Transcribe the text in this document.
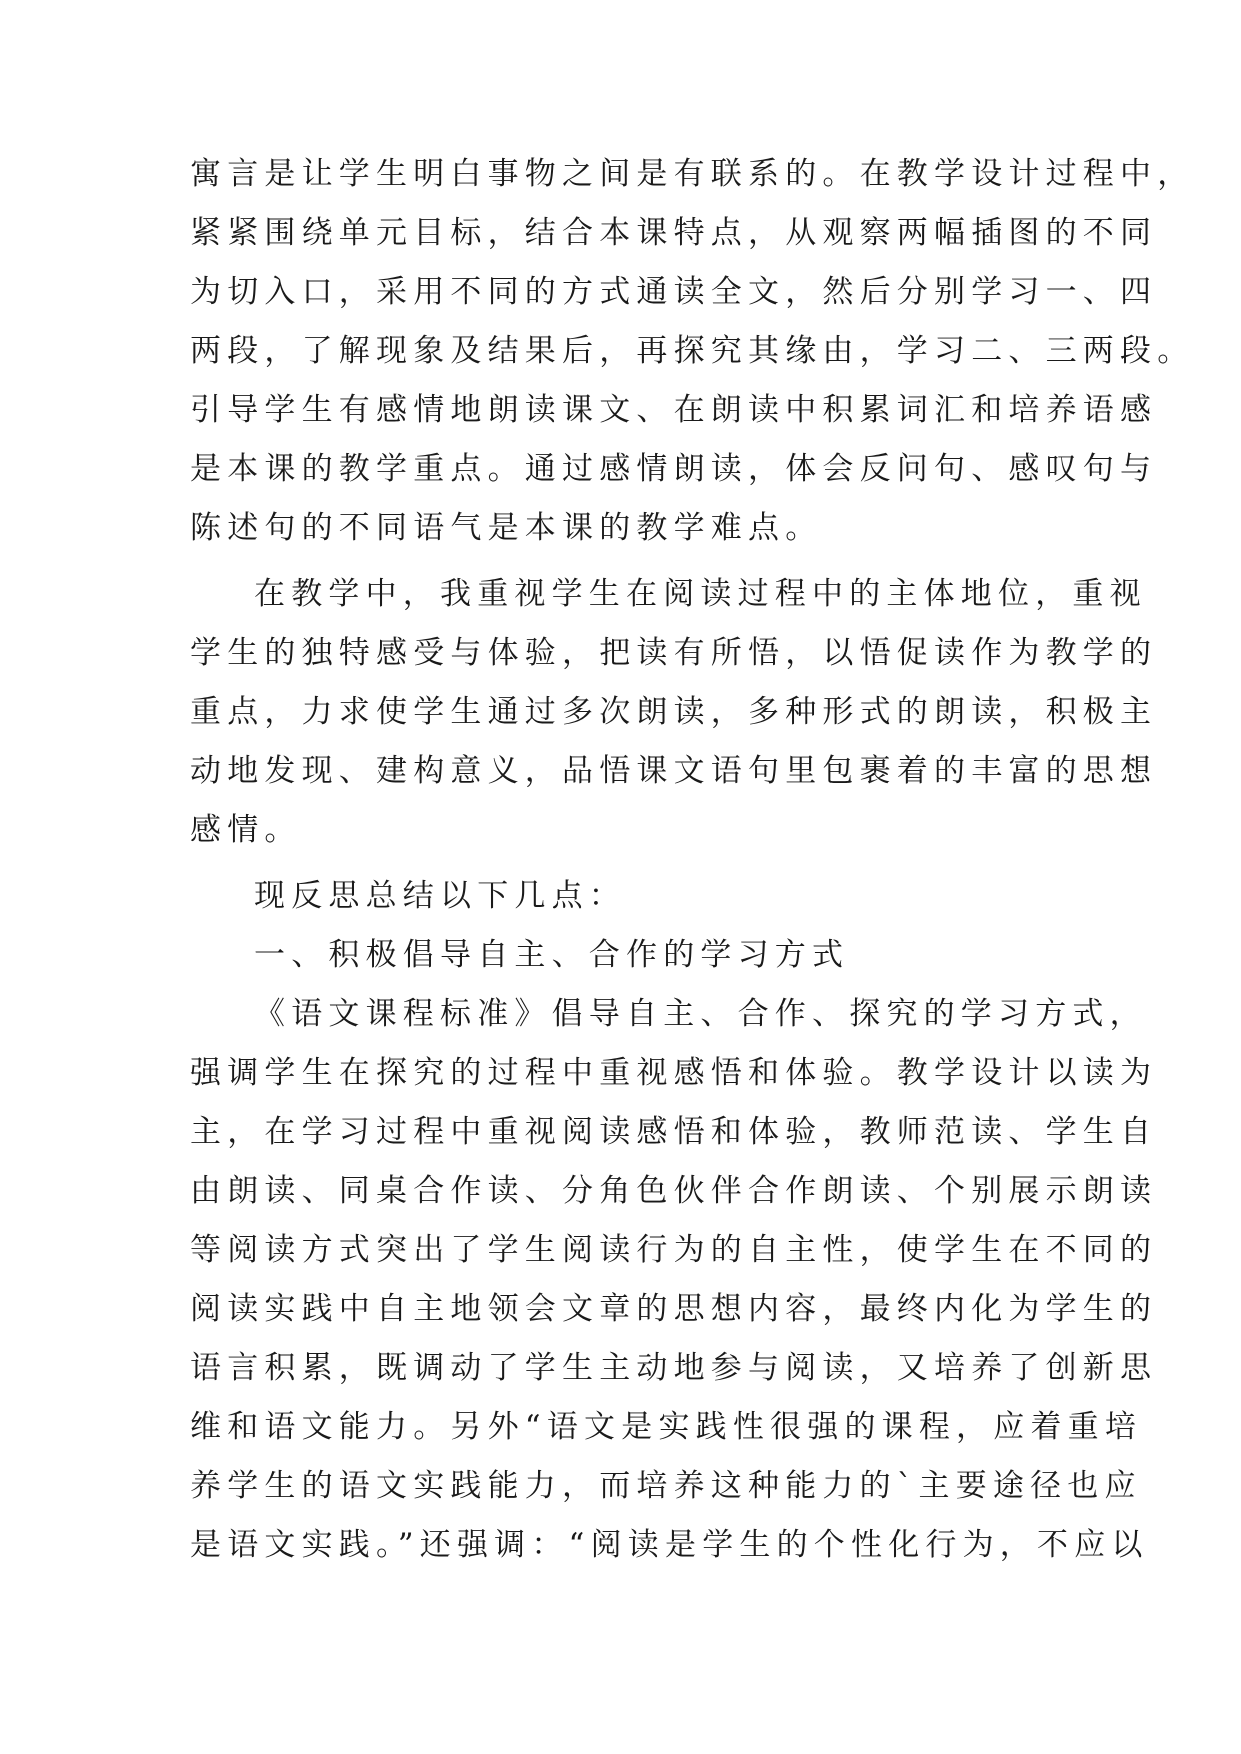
寓言是让学生明白事物之间是有联系的。在教学设计过程中，
紧紧围绕单元目标，结合本课特点，从观察两幅插图的不同
为切入口，采用不同的方式通读全文，然后分别学习一、四
两段，了解现象及结果后，再探究其缘由，学习二、三两段。
引导学生有感情地朗读课文、在朗读中积累词汇和培养语感
是本课的教学重点。通过感情朗读，体会反问句、感叹句与
陈述句的不同语气是本课的教学难点。
在教学中，我重视学生在阅读过程中的主体地位，重视
学生的独特感受与体验，把读有所悟，以悟促读作为教学的
重点，力求使学生通过多次朗读，多种形式的朗读，积极主
动地发现、建构意义，品悟课文语句里包裹着的丰富的思想
感情。
现反思总结以下几点：
一、积极倡导自主、合作的学习方式
《语文课程标准》倡导自主、合作、探究的学习方式，
强调学生在探究的过程中重视感悟和体验。教学设计以读为
主，在学习过程中重视阅读感悟和体验，教师范读、学生自
由朗读、同桌合作读、分角色伙伴合作朗读、个别展示朗读
等阅读方式突出了学生阅读行为的自主性，使学生在不同的
阅读实践中自主地领会文章的思想内容，最终内化为学生的
语言积累，既调动了学生主动地参与阅读，又培养了创新思
维和语文能力。另外“语文是实践性很强的课程，应着重培
养学生的语文实践能力，而培养这种能力的`主要途径也应
是语文实践。”还强调：“阅读是学生的个性化行为，不应以
